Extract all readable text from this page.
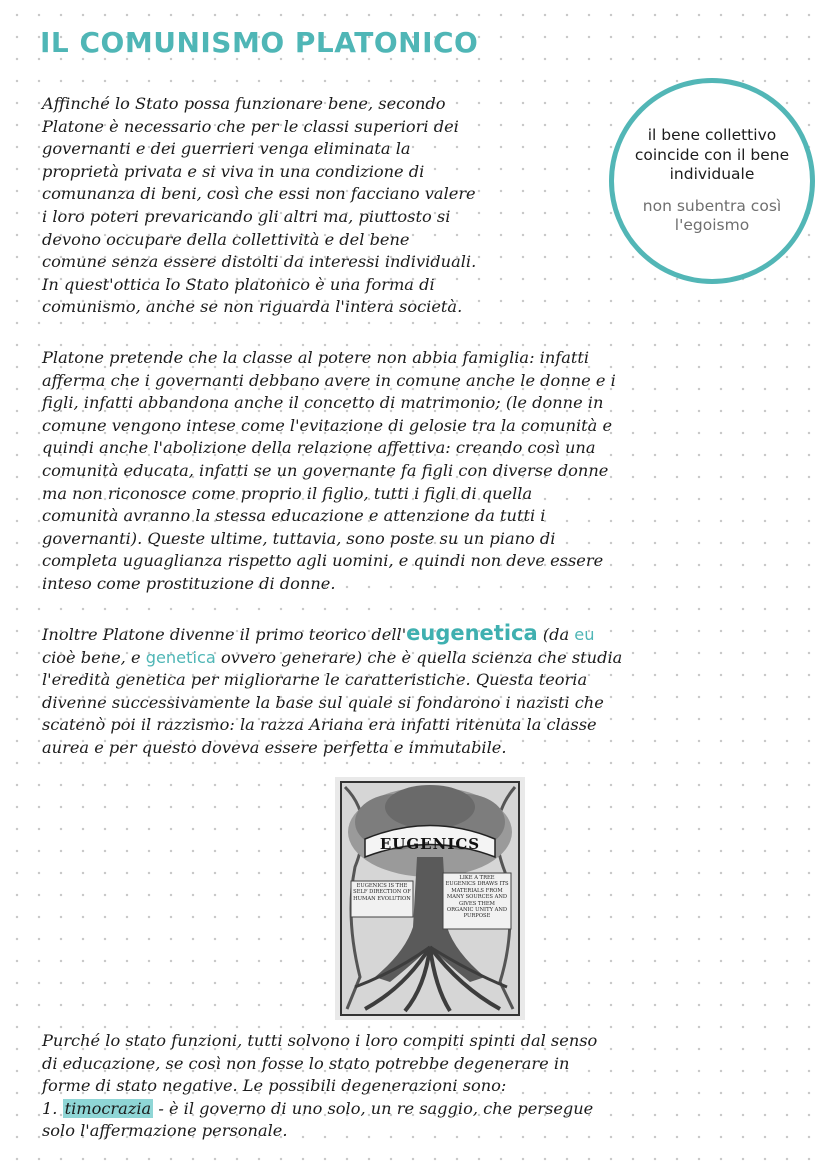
IL COMUNISMO PLATONICO

il bene collettivo coincide con il bene individuale

non subentra così l'egoismo

Affinché lo Stato possa funzionare bene, secondo
Platone è necessario che per le classi superiori dei
governanti e dei guerrieri venga eliminata la
proprietà privata e si viva in una condizione di
comunanza di beni, così che essi non facciano valere
i loro poteri prevaricando gli altri ma, piuttosto si
devono occupare della collettività e del bene
comune senza essere distolti da interessi individuali.
In quest'ottica lo Stato platonico è una forma di
comunismo, anche se non riguarda l'intera società.

Platone pretende che la classe al potere non abbia famiglia: infatti
afferma che i governanti debbano avere in comune anche le donne e i
figli, infatti abbandona anche il concetto di matrimonio; (le donne in
comune vengono intese come l'evitazione di gelosie tra la comunità e
quindi anche l'abolizione della relazione affettiva: creando così una
comunità educata, infatti se un governante fa figli con diverse donne
ma non riconosce come proprio il figlio, tutti i figli di quella
comunità avranno la stessa educazione e attenzione da tutti i
governanti). Queste ultime, tuttavia, sono poste su un piano di
completa uguaglianza rispetto agli uomini, e quindi non deve essere
inteso come prostituzione di donne.

Inoltre Platone divenne il primo teorico dell'eugenetica (da eu
cioè bene, e genetica ovvero generare) che è quella scienza che studia
l'eredità genetica per migliorarne le caratteristiche. Questa teoria
divenne successivamente la base sul quale si fondarono i nazisti che
scatenò poi il razzismo: la razza Ariana era infatti ritenuta la classe
aurea e per questo doveva essere perfetta e immutabile.

EUGENICS IS THE SELF DIRECTION OF HUMAN EVOLUTION
LIKE A TREE EUGENICS DRAWS ITS MATERIALS FROM MANY SOURCES AND GIVES THEM ORGANIC UNITY AND PURPOSE
EUGENICS

Purché lo stato funzioni, tutti solvono i loro compiti spinti dal senso
di educazione, se così non fosse lo stato potrebbe degenerare in
forme di stato negative. Le possibili degenerazioni sono:
1. timocrazia - è il governo di uno solo, un re saggio, che persegue
solo l'affermazione personale.
